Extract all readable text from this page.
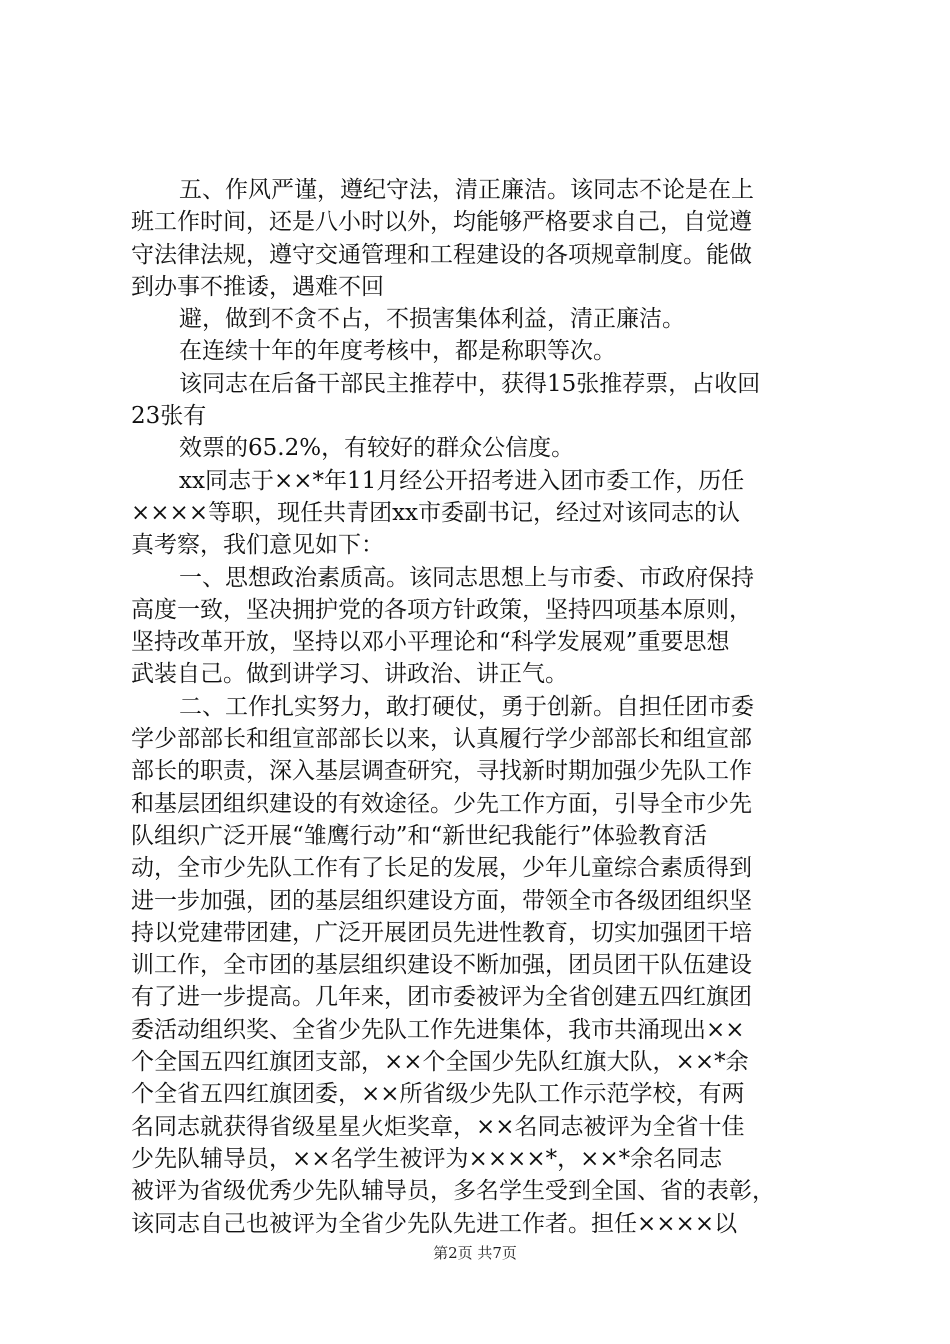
五、作风严谨，遵纪守法，清正廉洁。该同志不论是在上
班工作时间，还是八小时以外，均能够严格要求自己，自觉遵
守法律法规，遵守交通管理和工程建设的各项规章制度。能做
到办事不推诿，遇难不回
避，做到不贪不占，不损害集体利益，清正廉洁。
在连续十年的年度考核中，都是称职等次。
该同志在后备干部民主推荐中，获得15张推荐票，占收回
23张有
效票的65.2%，有较好的群众公信度。
xx同志于××*年11月经公开招考进入团市委工作，历任
××××等职，现任共青团xx市委副书记，经过对该同志的认
真考察，我们意见如下：
一、思想政治素质高。该同志思想上与市委、市政府保持
高度一致，坚决拥护党的各项方针政策，坚持四项基本原则，
坚持改革开放，坚持以邓小平理论和“科学发展观”重要思想
武装自己。做到讲学习、讲政治、讲正气。
二、工作扎实努力，敢打硬仗，勇于创新。自担任团市委
学少部部长和组宣部部长以来，认真履行学少部部长和组宣部
部长的职责，深入基层调查研究，寻找新时期加强少先队工作
和基层团组织建设的有效途径。少先工作方面，引导全市少先
队组织广泛开展“雏鹰行动”和“新世纪我能行”体验教育活
动，全市少先队工作有了长足的发展，少年儿童综合素质得到
进一步加强，团的基层组织建设方面，带领全市各级团组织坚
持以党建带团建，广泛开展团员先进性教育，切实加强团干培
训工作，全市团的基层组织建设不断加强，团员团干队伍建设
有了进一步提高。几年来，团市委被评为全省创建五四红旗团
委活动组织奖、全省少先队工作先进集体，我市共涌现出××
个全国五四红旗团支部，××个全国少先队红旗大队，××*余
个全省五四红旗团委，××所省级少先队工作示范学校，有两
名同志就获得省级星星火炬奖章，××名同志被评为全省十佳
少先队辅导员，××名学生被评为××××*，××*余名同志
被评为省级优秀少先队辅导员，多名学生受到全国、省的表彰，
该同志自己也被评为全省少先队先进工作者。担任××××以
第2页 共7页
